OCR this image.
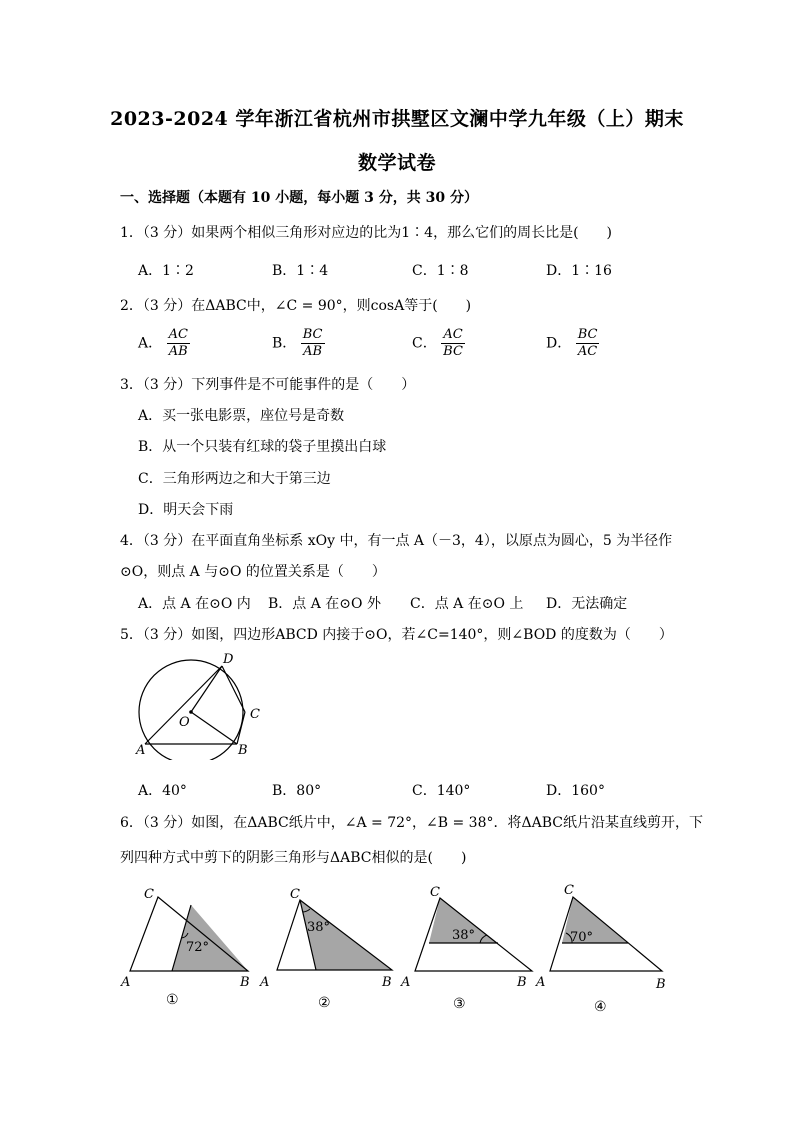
2023-2024 学年浙江省杭州市拱墅区文澜中学九年级（上）期末
数学试卷
一、选择题（本题有 10 小题，每小题 3 分，共 30 分）
1．（3 分）如果两个相似三角形对应边的比为1∶4，那么它们的周长比是(　　)
A．1∶2	B．1∶4	C．1∶8	D．1∶16
2．（3 分）在ΔABC中，∠C = 90°，则cosA等于(　　)
A． $\frac{AC}{AB}$	B． $\frac{BC}{AB}$	C． $\frac{AC}{BC}$	D． $\frac{BC}{AC}$
3．（3 分）下列事件是不可能事件的是（　　）
A．买一张电影票，座位号是奇数
B．从一个只装有红球的袋子里摸出白球
C．三角形两边之和大于第三边
D．明天会下雨
4．（3 分）在平面直角坐标系 xOy 中，有一点 A（－3，4），以原点为圆心，5 为半径作
⊙O，则点 A 与⊙O 的位置关系是（　　）
A．点 A 在⊙O 内 B．点 A 在⊙O 外 C．点 A 在⊙O 上 D．无法确定
5．（3 分）如图，四边形ABCD 内接于⊙O，若∠C=140°，则∠BOD 的度数为（　　）
D
C
O
A	B
A．40°	B．80°	C．140°	D．160°
6．（3 分）如图，在ΔABC纸片中，∠A = 72°，∠B = 38°．将ΔABC纸片沿某直线剪开，下
列四种方式中剪下的阴影三角形与ΔABC相似的是(　　)
72°
C
A	B
①
38°
C
A	B
②
38°
C
A	B
③
70°
C
A	B
④
